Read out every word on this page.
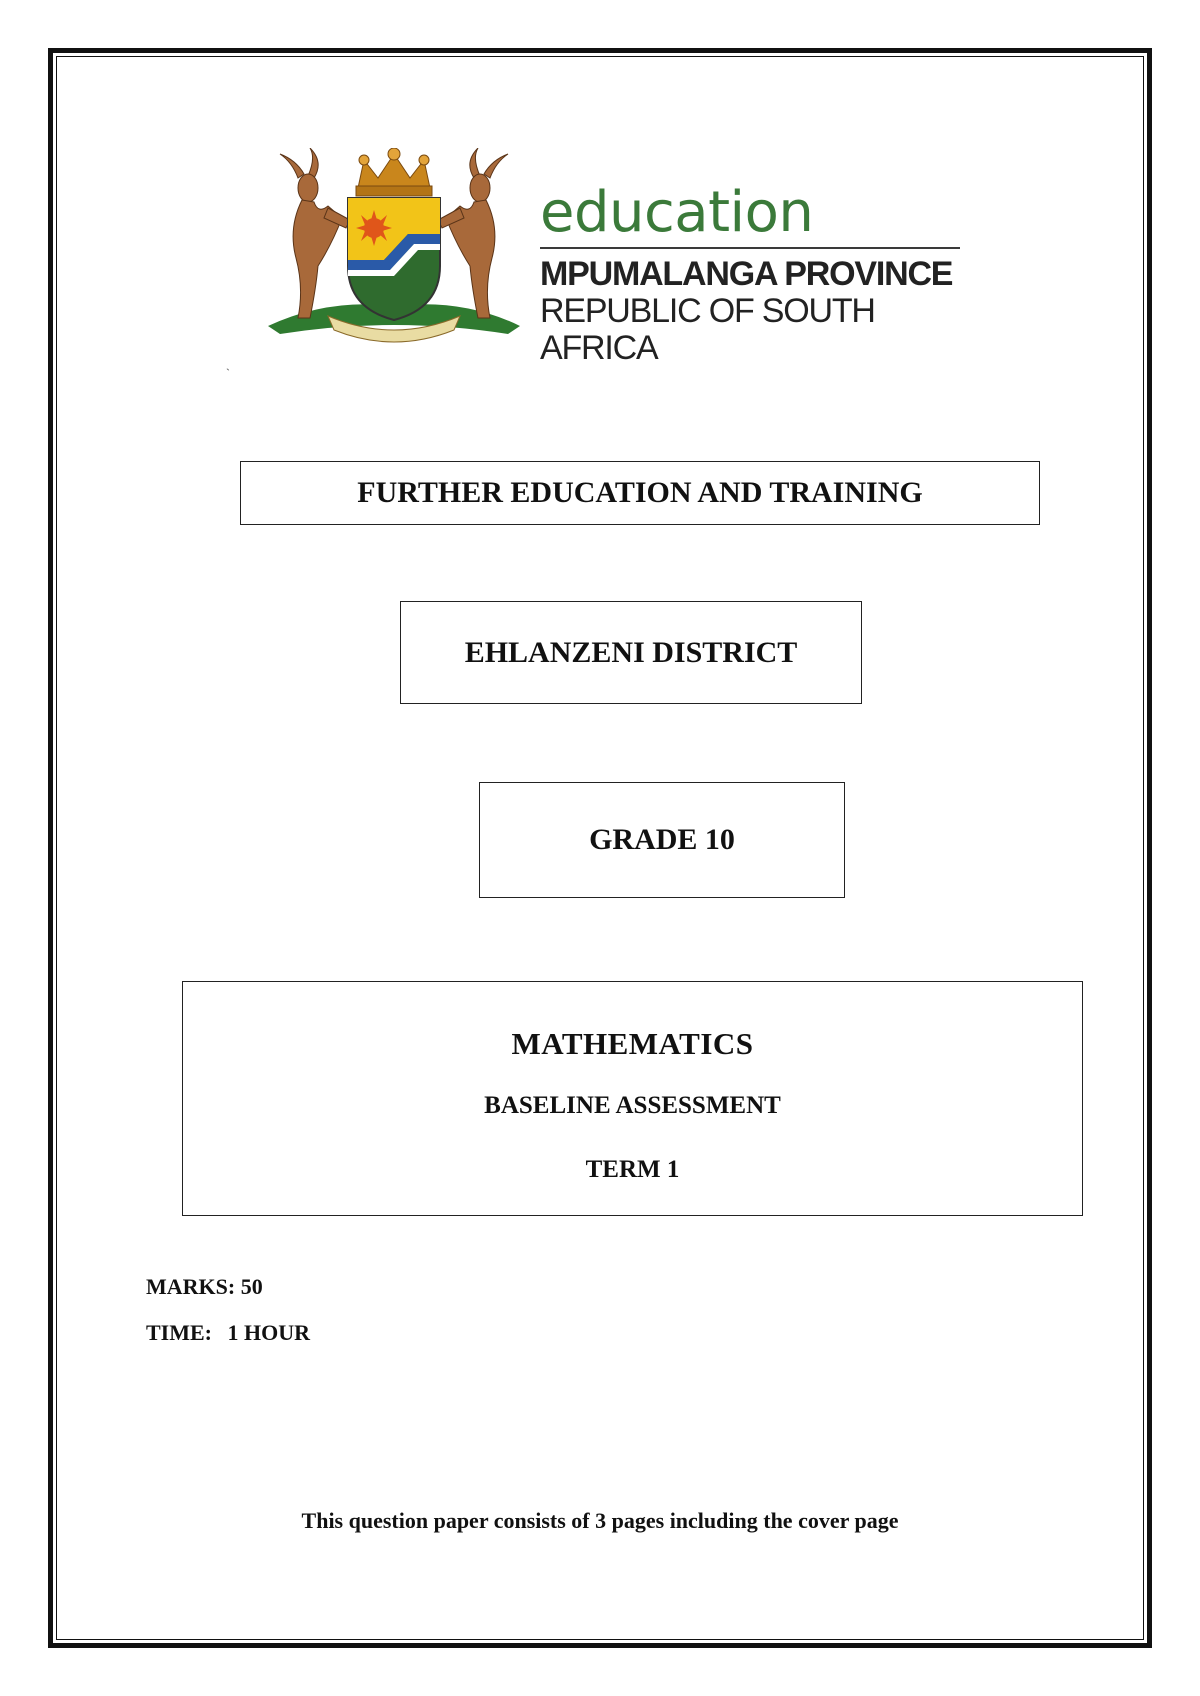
education
MPUMALANGA PROVINCE
REPUBLIC OF SOUTH AFRICA
`
FURTHER EDUCATION AND TRAINING
EHLANZENI DISTRICT
GRADE 10
MATHEMATICS
BASELINE ASSESSMENT
TERM 1
MARKS: 50
TIME: 1 HOUR
This question paper consists of 3 pages including the cover page
